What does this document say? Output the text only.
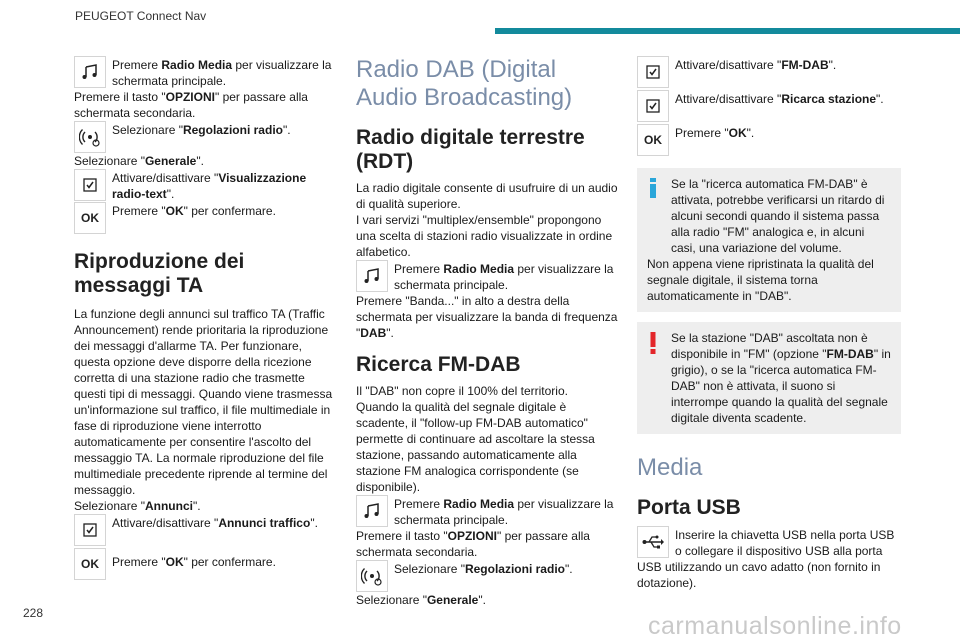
PEUGEOT Connect Nav
Premere Radio Media per visualizzare la schermata principale.

Premere il tasto "OPZIONI" per passare alla schermata secondaria.

Selezionare "Regolazioni radio".

Selezionare "Generale".

Attivare/disattivare "Visualizzazione radio-text".
OK	Premere "OK" per confermare.
Riproduzione dei messaggi TA

La funzione degli annunci sul traffico TA (Traffic Announcement) rende prioritaria la riproduzione dei messaggi d'allarme TA. Per funzionare, questa opzione deve disporre della ricezione corretta di una stazione radio che trasmette questi tipi di messaggi. Quando viene trasmessa un'informazione sul traffico, il file multimediale in fase di riproduzione viene interrotto automaticamente per consentire l'ascolto del messaggio TA. La normale riproduzione del file multimediale precedente riprende al termine del messaggio.

Selezionare "Annunci".

Attivare/disattivare "Annunci traffico".
OK	Premere "OK" per confermare.
Radio DAB (Digital Audio Broadcasting)
Radio digitale terrestre (RDT)

La radio digitale consente di usufruire di un audio di qualità superiore.

I vari servizi "multiplex/ensemble" propongono una scelta di stazioni radio visualizzate in ordine alfabetico.

Premere Radio Media per visualizzare la schermata principale.

Premere "Banda..." in alto a destra della schermata per visualizzare la banda di frequenza "DAB".

Ricerca FM-DAB

Il "DAB" non copre il 100% del territorio.

Quando la qualità del segnale digitale è scadente, il "follow-up FM-DAB automatico" permette di continuare ad ascoltare la stessa stazione, passando automaticamente alla stazione FM analogica corrispondente (se disponibile).

Premere Radio Media per visualizzare la schermata principale.

Premere il tasto "OPZIONI" per passare alla schermata secondaria.

Selezionare "Regolazioni radio".

Selezionare "Generale".

Attivare/disattivare "FM-DAB".
Attivare/disattivare "Ricarca stazione".
OK	Premere "OK".
Se la "ricerca automatica FM-DAB" è attivata, potrebbe verificarsi un ritardo di alcuni secondi quando il sistema passa alla radio "FM" analogica e, in alcuni casi, una variazione del volume.
Non appena viene ripristinata la qualità del segnale digitale, il sistema torna automaticamente in "DAB".
Se la stazione "DAB" ascoltata non è disponibile in "FM" (opzione "FM-DAB" in grigio), o se la "ricerca automatica FM-DAB" non è attivata, il suono si interrompe quando la qualità del segnale digitale diventa scadente.
Media
Porta USB
Inserire la chiavetta USB nella porta USB o collegare il dispositivo USB alla porta USB utilizzando un cavo adatto (non fornito in dotazione).
228	carmanualsonline.info
